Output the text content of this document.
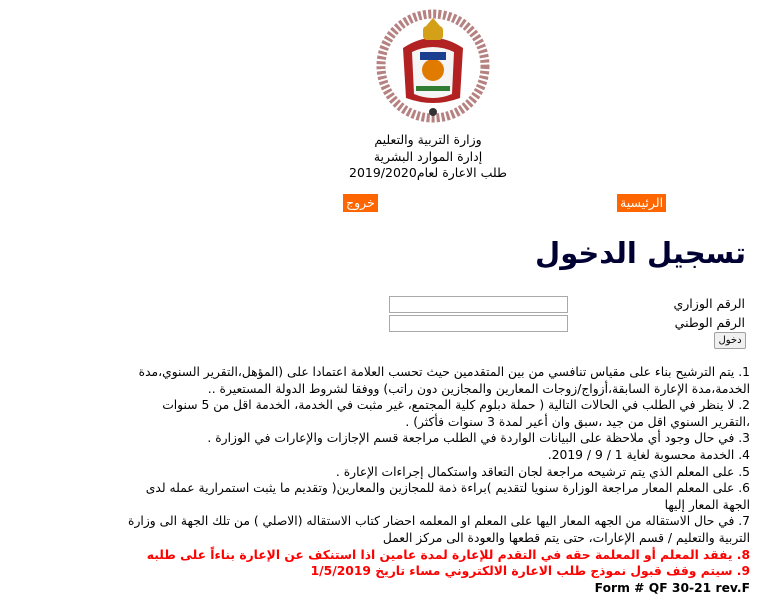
وزارة التربية والتعليم
إدارة الموارد البشرية
طلب الاعارة لعام2019/2020
خروج	الرئيسية
تسجيل الدخول
الرقم الوزاري
الرقم الوطني
دخول
1. يتم الترشيح بناء على مقياس تنافسي من بين المتقدمين حيث تحسب العلامة اعتمادا على (المؤهل،التقرير السنوي،مدة الخدمة،مدة الإعارة السابقة،أزواج/زوجات المعارين والمجازين دون راتب) ووفقا لشروط الدولة المستعيرة ..
2. لا ينظر في الطلب في الحالات التالية ( حملة دبلوم كلية المجتمع، غير مثبت في الخدمة، الخدمة اقل من 5 سنوات ،التقرير السنوي اقل من جيد ،سبق وان أعير لمدة 3 سنوات فأكثر) .
3. في حال وجود أي ملاحظة على البيانات الواردة في الطلب مراجعة قسم الإجازات والإعارات في الوزارة .
4. الخدمة محسوبة لغاية 1 / 9 / 2019.
5. على المعلم الذي يتم ترشيحه مراجعة لجان التعاقد واستكمال إجراءات الإعارة .
6. على المعلم المعار مراجعة الوزارة سنويا لتقديم )براءة ذمة للمجازين والمعارين( وتقديم ما يثبت استمرارية عمله لدى الجهة المعار إليها
7. في حال الاستقاله من الجهه المعار اليها على المعلم او المعلمه احضار كتاب الاستقاله (الاصلي ) من تلك الجهة الى وزارة التربية والتعليم / قسم الإعارات، حتى يتم قطعها والعودة الى مركز العمل
8. يفقد المعلم أو المعلمة حقه في التقدم للإعارة لمدة عامين اذا استنكف عن الإعارة بناءاً على طلبه
9. سيتم وقف قبول نموذج طلب الاعارة الالكتروني مساء تاريخ 1/5/2019
Form # QF 30-21 rev.F
